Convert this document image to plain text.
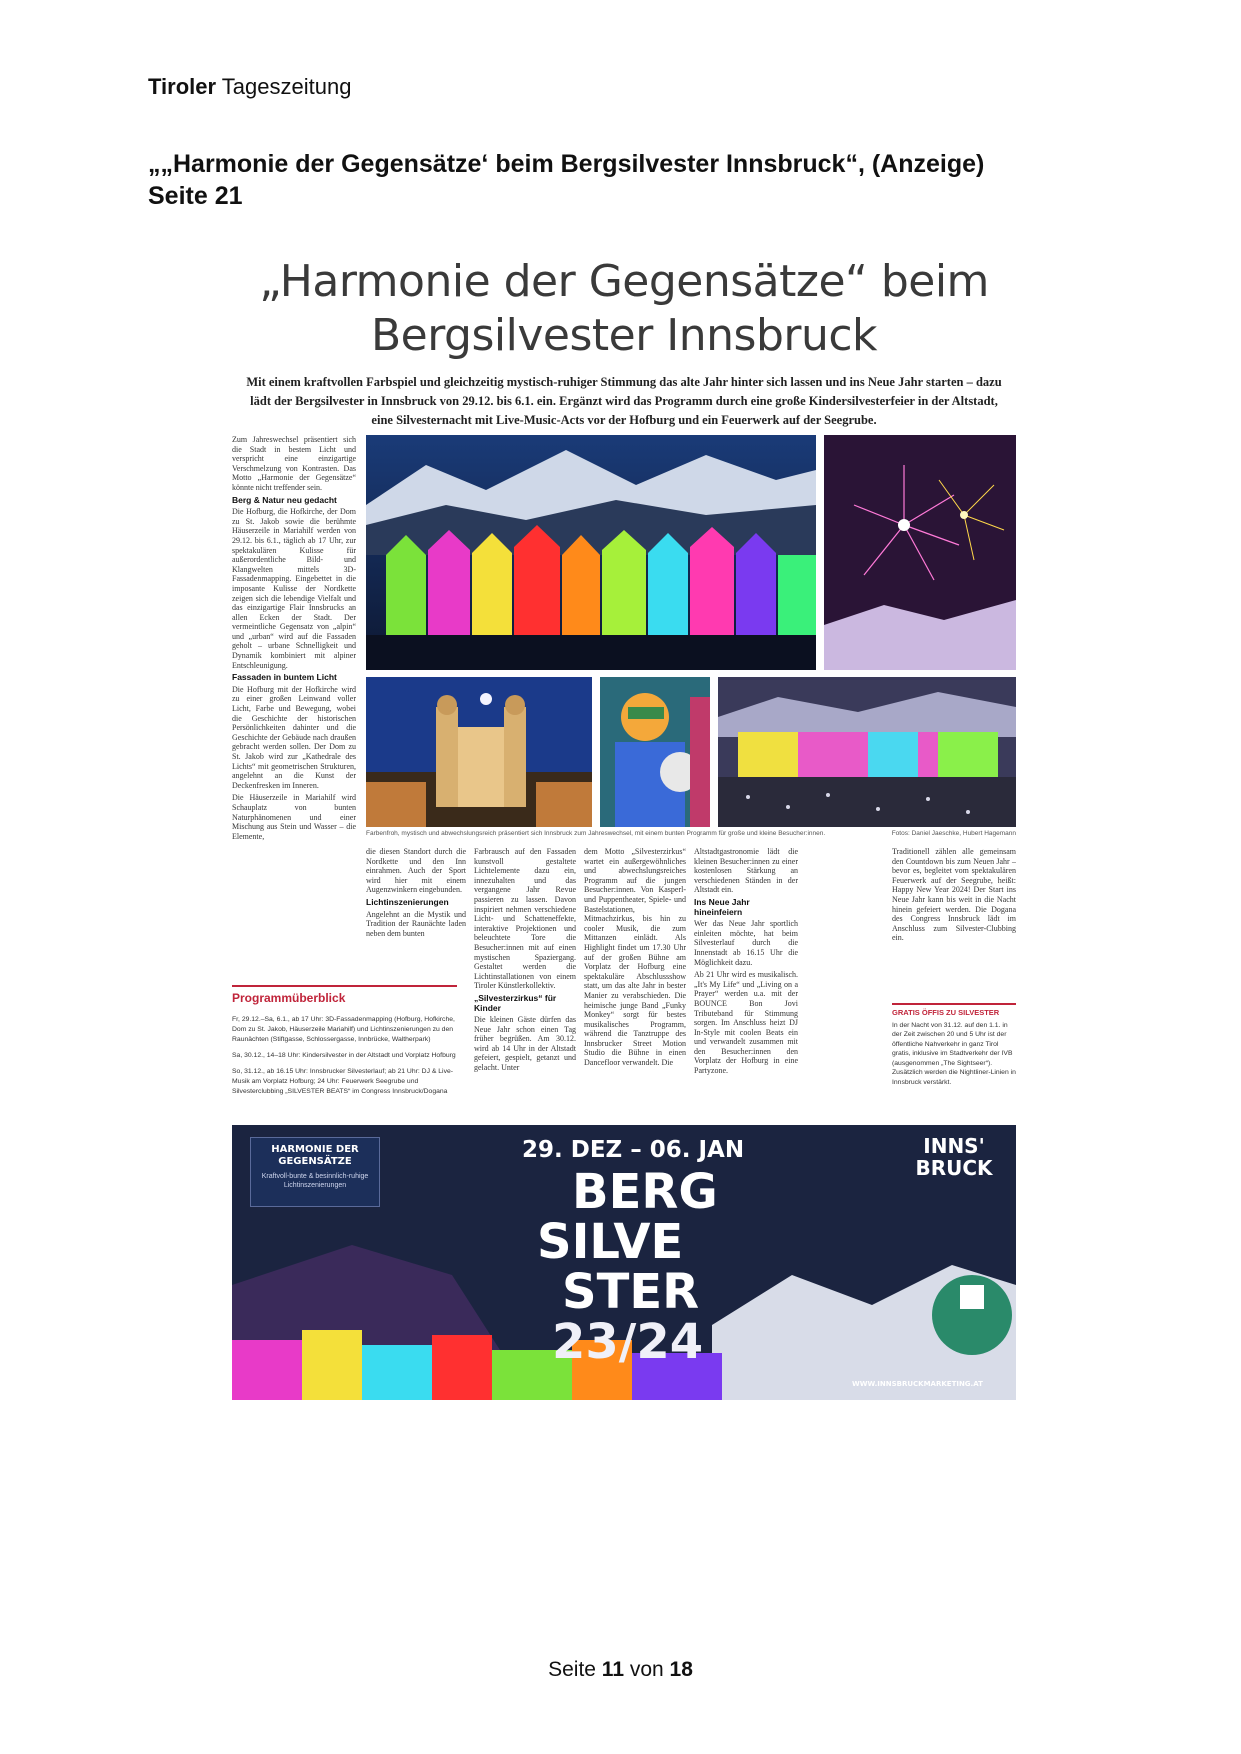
Tiroler Tageszeitung
„„Harmonie der Gegensätze‘ beim Bergsilvester Innsbruck“, (Anzeige)
Seite 21
„Harmonie der Gegensätze“ beim
Bergsilvester Innsbruck
Mit einem kraftvollen Farbspiel und gleichzeitig mystisch-ruhiger Stimmung das alte Jahr hinter sich lassen und ins Neue Jahr starten – dazu lädt der Bergsilvester in Innsbruck von 29.12. bis 6.1. ein. Ergänzt wird das Programm durch eine große Kindersilvesterfeier in der Altstadt, eine Silvesternacht mit Live-Music-Acts vor der Hofburg und ein Feuerwerk auf der Seegrube.
Farbenfroh, mystisch und abwechslungsreich präsentiert sich Innsbruck zum Jahreswechsel, mit einem bunten Programm für große und kleine Besucher:innen.	Fotos: Daniel Jaeschke, Hubert Hagemann

Zum Jahreswechsel präsentiert sich die Stadt in bestem Licht und verspricht eine einzigartige Verschmelzung von Kontrasten. Das Motto „Harmonie der Gegensätze“ könnte nicht treffender sein.

Berg & Natur neu gedacht

Die Hofburg, die Hofkirche, der Dom zu St. Jakob sowie die berühmte Häuserzeile in Mariahilf werden von 29.12. bis 6.1., täglich ab 17 Uhr, zur spektakulären Kulisse für außerordentliche Bild- und Klangwelten mittels 3D-Fassadenmapping. Eingebettet in die imposante Kulisse der Nordkette zeigen sich die lebendige Vielfalt und das einzigartige Flair Innsbrucks an allen Ecken der Stadt. Der vermeintliche Gegensatz von „alpin“ und „urban“ wird auf die Fassaden geholt – urbane Schnelligkeit und Dynamik kombiniert mit alpiner Entschleunigung.

Fassaden in buntem Licht

Die Hofburg mit der Hofkirche wird zu einer großen Leinwand voller Licht, Farbe und Bewegung, wobei die Geschichte der historischen Persönlichkeiten dahinter und die Geschichte der Gebäude nach draußen gebracht werden sollen. Der Dom zu St. Jakob wird zur „Kathedrale des Lichts“ mit geometrischen Strukturen, angelehnt an die Kunst der Deckenfresken im Inneren.

Die Häuserzeile in Mariahilf wird Schauplatz von bunten Naturphänomenen und einer Mischung aus Stein und Wasser – die Elemente,

die diesen Standort durch die Nordkette und den Inn einrahmen. Auch der Sport wird hier mit einem Augenzwinkern eingebunden.

Lichtinszenierungen

Angelehnt an die Mystik und Tradition der Raunächte laden neben dem bunten

Farbrausch auf den Fassaden kunstvoll gestaltete Lichtelemente dazu ein, innezuhalten und das vergangene Jahr Revue passieren zu lassen. Davon inspiriert nehmen verschiedene Licht- und Schatteneffekte, interaktive Projektionen und beleuchtete Tore die Besucher:innen mit auf einen mystischen Spaziergang. Gestaltet werden die Lichtinstallationen von einem Tiroler Künstlerkollektiv.

„Silvesterzirkus“ für Kinder

Die kleinen Gäste dürfen das Neue Jahr schon einen Tag früher begrüßen. Am 30.12. wird ab 14 Uhr in der Altstadt gefeiert, gespielt, getanzt und gelacht. Unter

dem Motto „Silvesterzirkus“ wartet ein außergewöhnliches und abwechslungsreiches Programm auf die jungen Besucher:innen. Von Kasperl- und Puppentheater, Spiele- und Bastelstationen, Mitmachzirkus, bis hin zu cooler Musik, die zum Mittanzen einlädt. Als Highlight findet um 17.30 Uhr auf der großen Bühne am Vorplatz der Hofburg eine spektakuläre Abschlussshow statt, um das alte Jahr in bester Manier zu verabschieden. Die heimische junge Band „Funky Monkey“ sorgt für bestes musikalisches Programm, während die Tanztruppe des Innsbrucker Street Motion Studio die Bühne in einen Dancefloor verwandelt. Die

Altstadtgastronomie lädt die kleinen Besucher:innen zu einer kostenlosen Stärkung an verschiedenen Ständen in der Altstadt ein.

Ins Neue Jahr hineinfeiern

Wer das Neue Jahr sportlich einleiten möchte, hat beim Silvesterlauf durch die Innenstadt ab 16.15 Uhr die Möglichkeit dazu.

Ab 21 Uhr wird es musikalisch. „It's My Life“ und „Living on a Prayer“ werden u.a. mit der BOUNCE Bon Jovi Tributeband für Stimmung sorgen. Im Anschluss heizt DJ In-Style mit coolen Beats ein und verwandelt zusammen mit den Besucher:innen den Vorplatz der Hofburg in eine Partyzone.

Traditionell zählen alle gemeinsam den Countdown bis zum Neuen Jahr – bevor es, begleitet vom spektakulären Feuerwerk auf der Seegrube, heißt: Happy New Year 2024! Der Start ins Neue Jahr kann bis weit in die Nacht hinein gefeiert werden. Die Dogana des Congress Innsbruck lädt im Anschluss zum Silvester-Clubbing ein.

Programmüberblick

Fr, 29.12.–Sa, 6.1., ab 17 Uhr: 3D-Fassadenmapping (Hofburg, Hofkirche, Dom zu St. Jakob, Häuserzeile Mariahilf) und Lichtinszenierungen zu den Raunächten (Stiftgasse, Schlossergasse, Innbrücke, Waltherpark)

Sa, 30.12., 14–18 Uhr: Kindersilvester in der Altstadt und Vorplatz Hofburg

So, 31.12., ab 16.15 Uhr: Innsbrucker Silvesterlauf; ab 21 Uhr: DJ & Live-Musik am Vorplatz Hofburg; 24 Uhr: Feuerwerk Seegrube und Silvesterclubbing „SILVESTER BEATS“ im Congress Innsbruck/Dogana

GRATIS ÖFFIS ZU SILVESTER
In der Nacht von 31.12. auf den 1.1. in der Zeit zwischen 20 und 5 Uhr ist der öffentliche Nahverkehr in ganz Tirol gratis, inklusive im Stadtverkehr der IVB (ausgenommen „The Sightseer“). Zusätzlich werden die Nightliner-Linien in Innsbruck verstärkt.
HARMONIE DER GEGENSÄTZE
Kraftvoll-bunte & besinnlich-ruhige Lichtinszenierungen
29. DEZ – 06. JAN
BERG
SILVE
STER
23/24
INNS' BRUCK
WWW.INNSBRUCKMARKETING.AT
Seite 11 von 18
